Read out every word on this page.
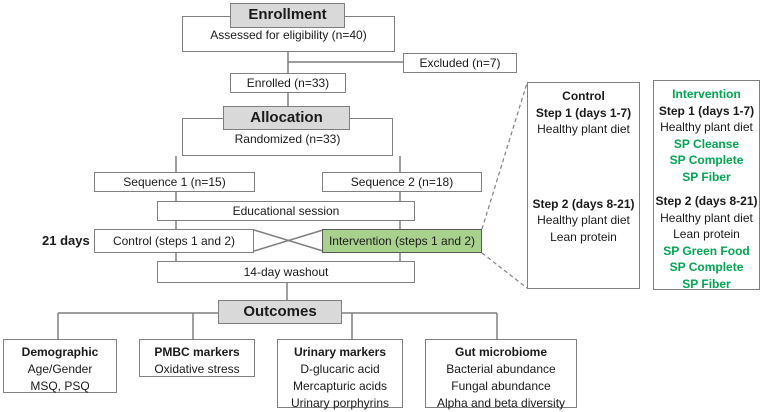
Assessed for eligibility (n=40)
Enrollment
Excluded (n=7)
Enrolled (n=33)
Randomized (n=33)
Allocation
Sequence 1 (n=15)	Sequence 2 (n=18)
Educational session
21 days Control (steps 1 and 2)	Intervention (steps 1 and 2)
14-day washout
Outcomes
Demographic
Age/Gender
MSQ, PSQ
PMBC markers
Oxidative stress
Urinary markers
D-glucaric acid
Mercapturic acids
Urinary porphyrins
Gut microbiome
Bacterial abundance
Fungal abundance
Alpha and beta diversity
Control
Step 1 (days 1-7)
Healthy plant diet
Step 2 (days 8-21)
Healthy plant diet
Lean protein
Intervention
Step 1 (days 1-7)
Healthy plant diet
SP Cleanse
SP Complete
SP Fiber
Step 2 (days 8-21)
Healthy plant diet
Lean protein
SP Green Food
SP Complete
SP Fiber
